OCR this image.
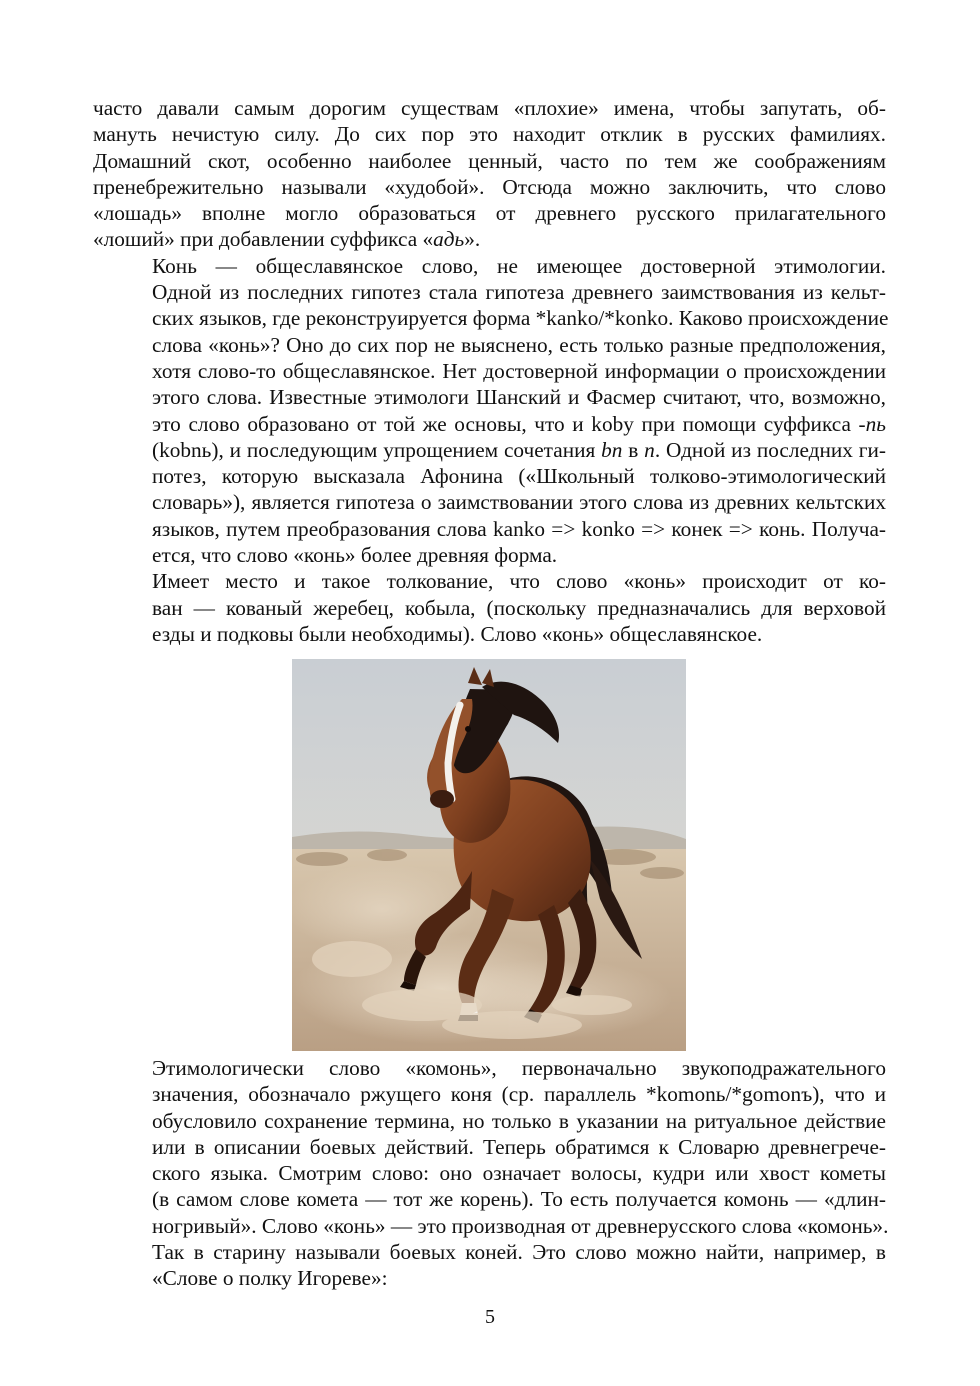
часто давали самым дорогим существам «плохие» имена, чтобы запутать, об-
мануть нечистую силу. До сих пор это находит отклик в русских фамилиях.
Домашний скот, особенно наиболее ценный, часто по тем же соображениям
пренебрежительно называли «худобой». Отсюда можно заключить, что слово
«лошадь» вполне могло образоваться от древнего русского прилагательного
«лоший» при добавлении суффикса «адь».

Конь — общеславянское слово, не имеющее достоверной этимологии.
Одной из последних гипотез стала гипотеза древнего заимствования из кельт-
ских языков, где реконструируется форма *kanko/*konko. Каково происхождение
слова «конь»? Оно до сих пор не выяснено, есть только разные предположения,
хотя слово-то общеславянское. Нет достоверной информации о происхождении
этого слова. Известные этимологи Шанский и Фасмер считают, что, возможно,
это слово образовано от той же основы, что и koby при помощи суффикса -nь
(kobnь), и последующим упрощением сочетания bn в n. Одной из последних ги-
потез, которую высказала Афонина («Школьный толково-этимологический
словарь»), является гипотеза о заимствовании этого слова из древних кельтских
языков, путем преобразования слова kanko => konko => конек => конь. Получа-
ется, что слово «конь» более древняя форма.

Имеет место и такое толкование, что слово «конь» происходит от ко-
ван — кованый жеребец, кобыла, (поскольку предназначались для верховой
езды и подковы были необходимы). Слово «конь» общеславянское.

Этимологически слово «комонь», первоначально звукоподражательного
значения, обозначало ржущего коня (ср. параллель *komonь/*gomonъ), что и
обусловило сохранение термина, но только в указании на ритуальное действие
или в описании боевых действий. Теперь обратимся к Словарю древнегрече-
ского языка. Смотрим слово: оно означает волосы, кудри или хвост кометы
(в самом слове комета — тот же корень). То есть получается комонь — «длин-
ногривый». Слово «конь» — это производная от древнерусского слова «комонь».
Так в старину называли боевых коней. Это слово можно найти, например, в
«Слове о полку Игореве»:

5
